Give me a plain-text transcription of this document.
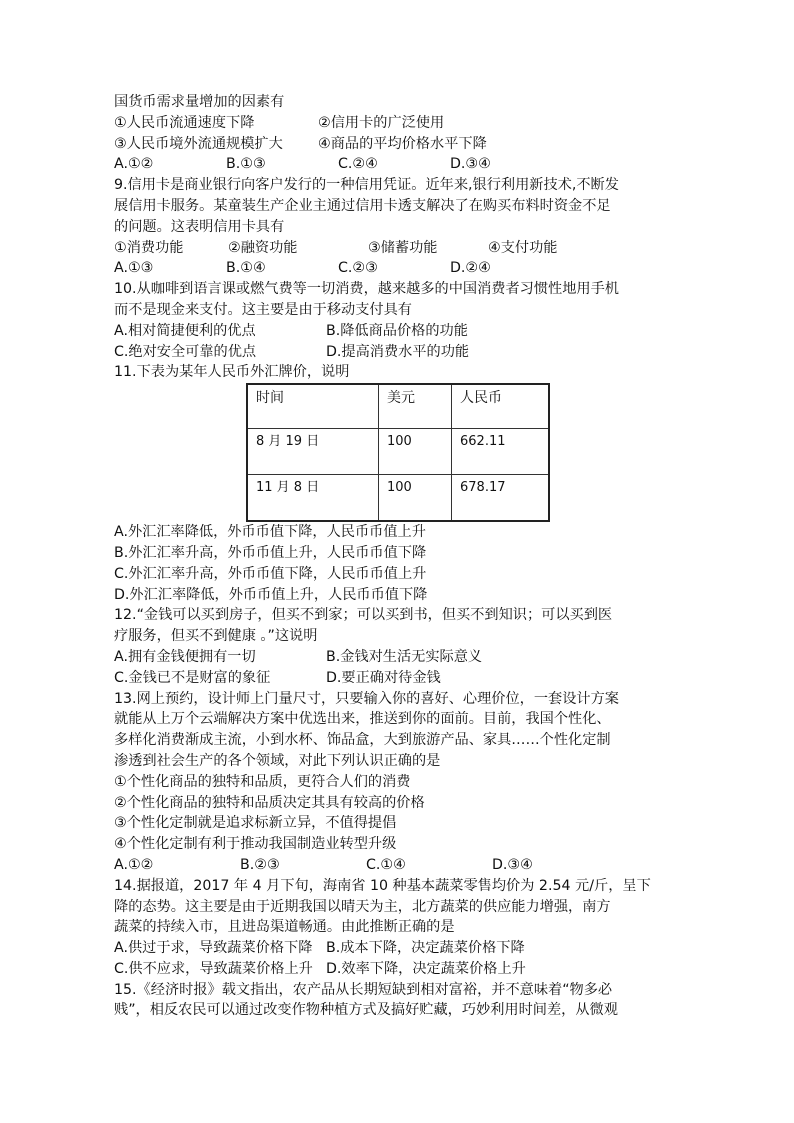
国货币需求量增加的因素有
①人民币流通速度下降	②信用卡的广泛使用
③人民币境外流通规模扩大 ④商品的平均价格水平下降
A.①②	B.①③	C.②④	D.③④
9.信用卡是商业银行向客户发行的一种信用凭证。近年来,银行利用新技术,不断发
展信用卡服务。某童装生产企业主通过信用卡透支解决了在购买布料时资金不足
的问题。这表明信用卡具有
①消费功能	②融资功能	③储蓄功能	④支付功能
A.①③	B.①④	C.②③	D.②④
10.从咖啡到语言课或燃气费等一切消费，越来越多的中国消费者习惯性地用手机
而不是现金来支付。这主要是由于移动支付具有
A.相对简捷便利的优点	B.降低商品价格的功能
C.绝对安全可靠的优点	D.提高消费水平的功能
11.下表为某年人民币外汇牌价，说明
时间	美元	人民币
8 月 19 日	100	662.11
11 月 8 日	100	678.17
A.外汇汇率降低，外币币值下降，人民币币值上升
B.外汇汇率升高，外币币值上升，人民币币值下降
C.外汇汇率升高，外币币值下降，人民币币值上升
D.外汇汇率降低，外币币值上升，人民币币值下降
12.“金钱可以买到房子，但买不到家；可以买到书，但买不到知识；可以买到医
疗服务，但买不到健康 。”这说明
A.拥有金钱便拥有一切	B.金钱对生活无实际意义
C.金钱已不是财富的象征	D.要正确对待金钱
13.网上预约，设计师上门量尺寸，只要输入你的喜好、心理价位，一套设计方案
就能从上万个云端解决方案中优选出来，推送到你的面前。目前，我国个性化、
多样化消费渐成主流，小到水杯、饰品盒，大到旅游产品、家具……个性化定制
渗透到社会生产的各个领域，对此下列认识正确的是
①个性化商品的独特和品质，更符合人们的消费
②个性化商品的独特和品质决定其具有较高的价格
③个性化定制就是追求标新立异，不值得提倡
④个性化定制有利于推动我国制造业转型升级
A.①②	B.②③	C.①④	D.③④
14.据报道，2017 年 4 月下旬，海南省 10 种基本蔬菜零售均价为 2.54 元/斤，呈下
降的态势。这主要是由于近期我国以晴天为主，北方蔬菜的供应能力增强，南方
蔬菜的持续入市，且进岛渠道畅通。由此推断正确的是
A.供过于求，导致蔬菜价格下降 B.成本下降，决定蔬菜价格下降
C.供不应求，导致蔬菜价格上升 D.效率下降，决定蔬菜价格上升
15.《经济时报》载文指出，农产品从长期短缺到相对富裕，并不意味着“物多必
贱”，相反农民可以通过改变作物种植方式及搞好贮藏，巧妙利用时间差，从微观
